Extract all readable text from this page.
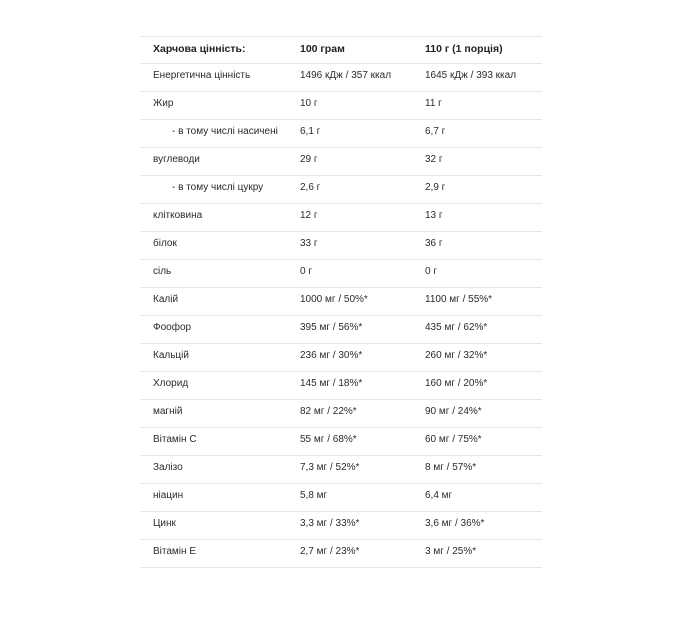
Харчова цінність:	100 грам	110 г (1 порція)
Енергетична цінність	1496 кДж / 357 ккал	1645 кДж / 393 ккал
Жир	10 г	11 г
- в тому числі насичені	6,1 г	6,7 г
вуглеводи	29 г	32 г
- в тому числі цукру	2,6 г	2,9 г
клітковина	12 г	13 г
білок	33 г	36 г
сіль	0 г	0 г
Калій	1000 мг / 50%*	1100 мг / 55%*
Фоофор	395 мг / 56%*	435 мг / 62%*
Кальцій	236 мг / 30%*	260 мг / 32%*
Хлорид	145 мг / 18%*	160 мг / 20%*
магній	82 мг / 22%*	90 мг / 24%*
Вітамін С	55 мг / 68%*	60 мг / 75%*
Залізо	7,3 мг / 52%*	8 мг / 57%*
ніацин	5,8 мг	6,4 мг
Цинк	3,3 мг / 33%*	3,6 мг / 36%*
Вітамін Е	2,7 мг / 23%*	3 мг / 25%*
